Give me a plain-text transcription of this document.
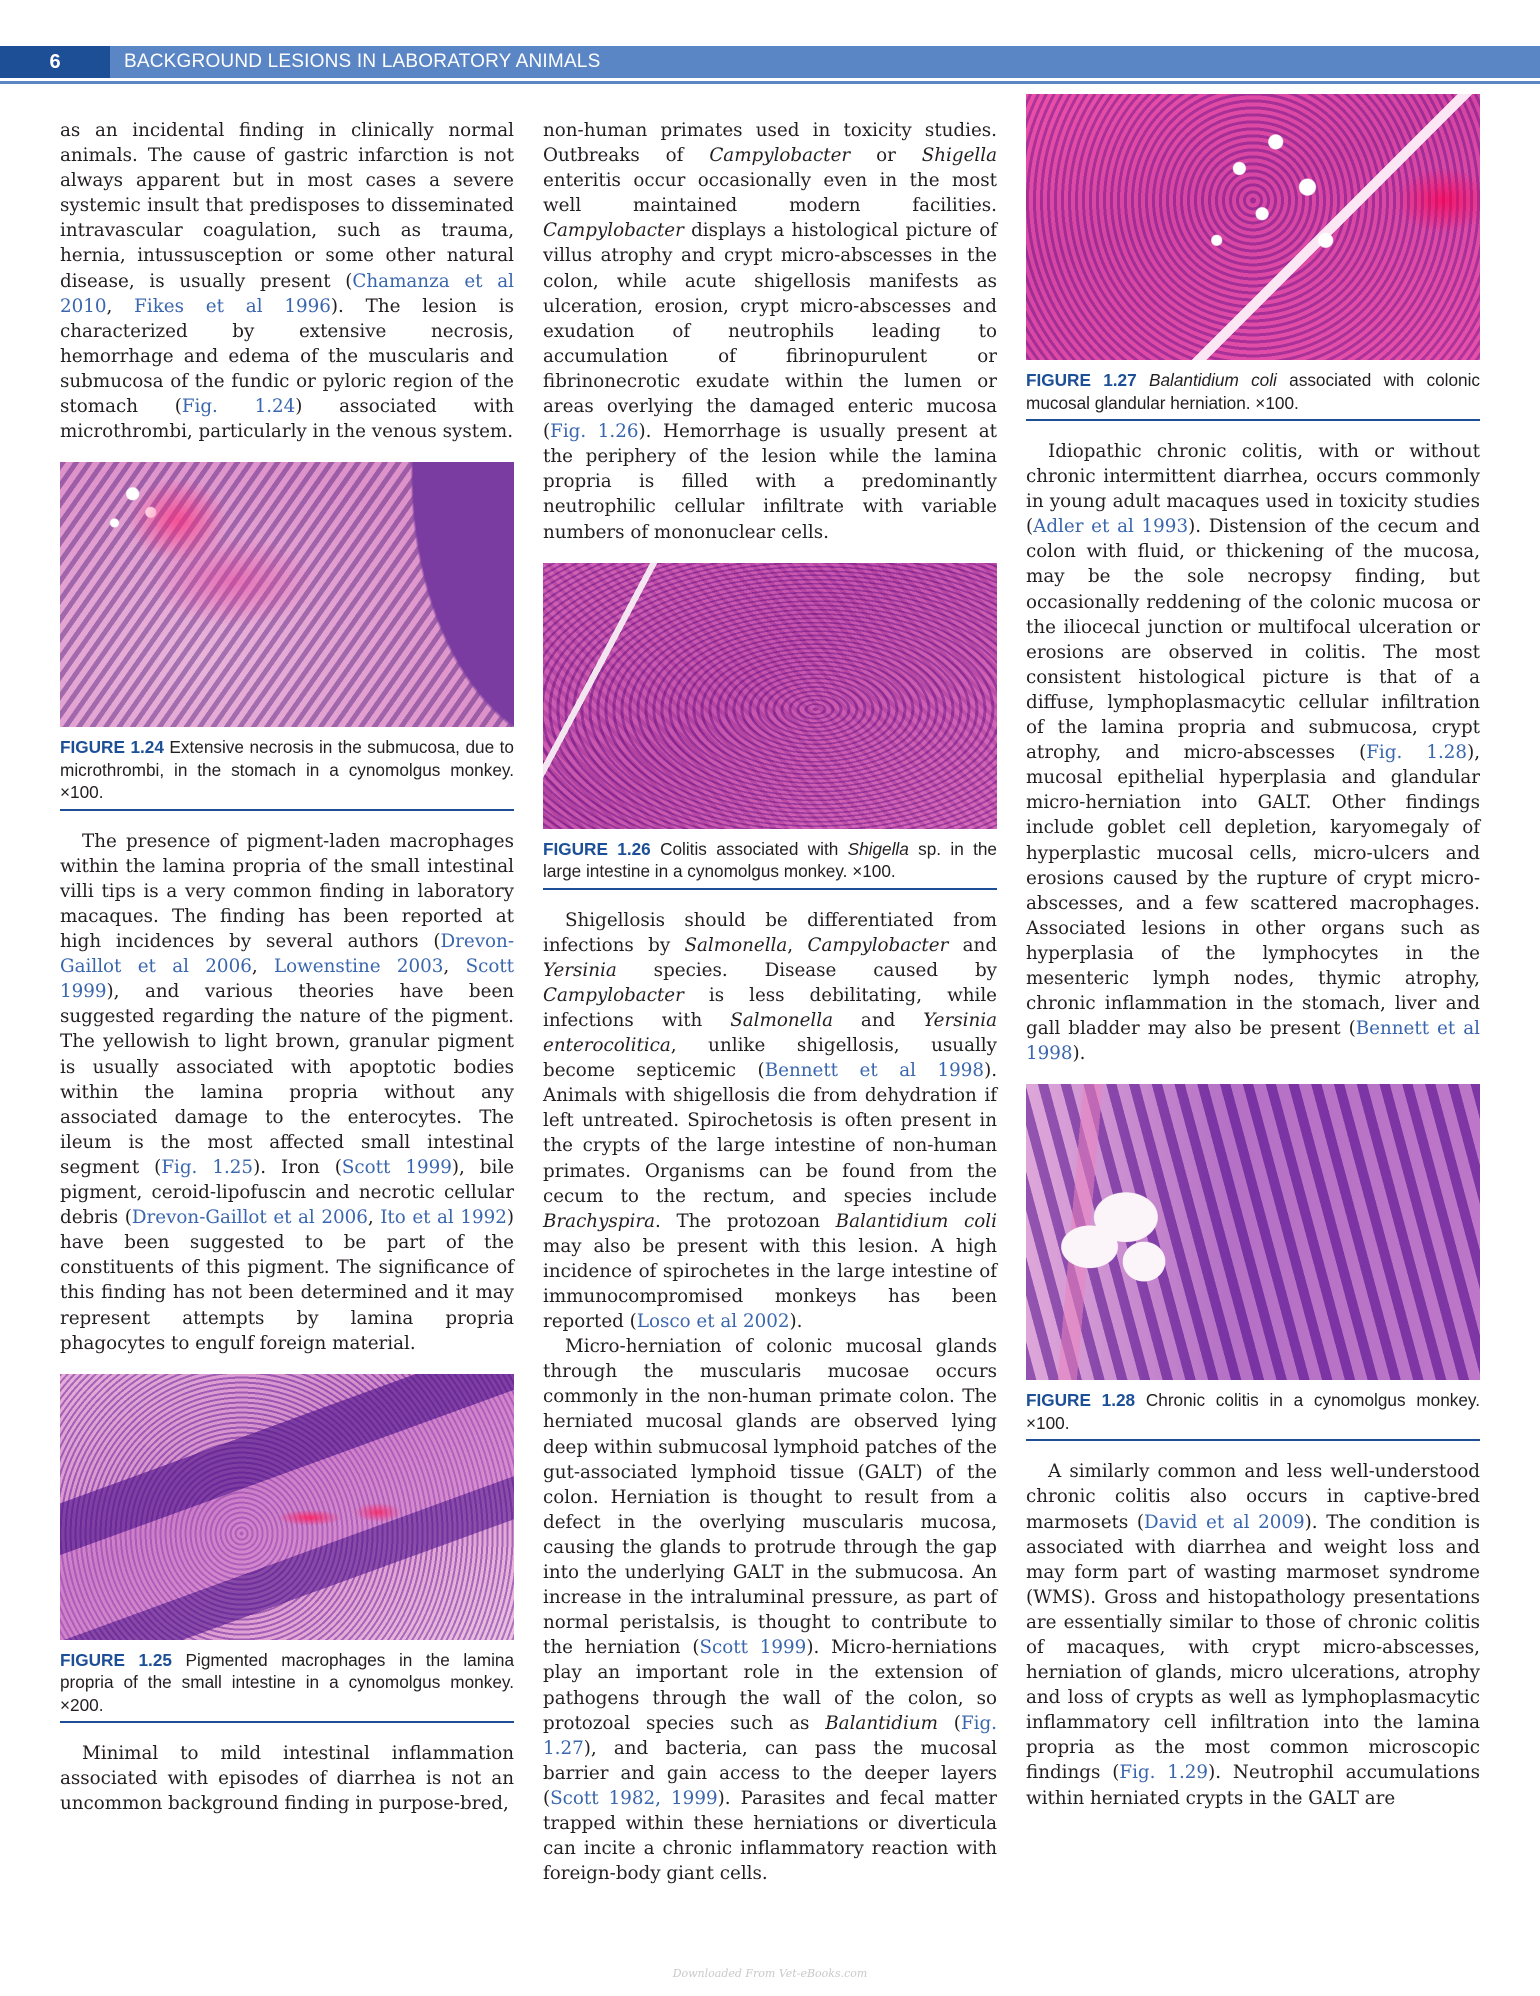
6	BACKGROUND LESIONS IN LABORATORY ANIMALS

as an incidental finding in clinically normal animals. The cause of gastric infarction is not always apparent but in most cases a severe systemic insult that predisposes to disseminated intravascular coagulation, such as trauma, hernia, intussusception or some other natural disease, is usually present (Chamanza et al 2010, Fikes et al 1996). The lesion is characterized by extensive necrosis, hemorrhage and edema of the muscularis and submucosa of the fundic or pyloric region of the stomach (Fig. 1.24) associated with microthrombi, particularly in the venous system.

FIGURE 1.24 Extensive necrosis in the submucosa, due to microthrombi, in the stomach in a cynomolgus monkey. ×100.

The presence of pigment-laden macrophages within the lamina propria of the small intestinal villi tips is a very common finding in laboratory macaques. The finding has been reported at high incidences by several authors (Drevon-Gaillot et al 2006, Lowenstine 2003, Scott 1999), and various theories have been suggested regarding the nature of the pigment. The yellowish to light brown, granular pigment is usually associated with apoptotic bodies within the lamina propria without any associated damage to the enterocytes. The ileum is the most affected small intestinal segment (Fig. 1.25). Iron (Scott 1999), bile pigment, ceroid-lipofuscin and necrotic cellular debris (Drevon-Gaillot et al 2006, Ito et al 1992) have been suggested to be part of the constituents of this pigment. The significance of this finding has not been determined and it may represent attempts by lamina propria phagocytes to engulf foreign material.

FIGURE 1.25 Pigmented macrophages in the lamina propria of the small intestine in a cynomolgus monkey. ×200.

Minimal to mild intestinal inflammation associated with episodes of diarrhea is not an uncommon background finding in purpose-bred,

non-human primates used in toxicity studies. Outbreaks of Campylobacter or Shigella enteritis occur occasionally even in the most well maintained modern facilities. Campylobacter displays a histological picture of villus atrophy and crypt micro-abscesses in the colon, while acute shigellosis manifests as ulceration, erosion, crypt micro-abscesses and exudation of neutrophils leading to accumulation of fibrinopurulent or fibrinonecrotic exudate within the lumen or areas overlying the damaged enteric mucosa (Fig. 1.26). Hemorrhage is usually present at the periphery of the lesion while the lamina propria is filled with a predominantly neutrophilic cellular infiltrate with variable numbers of mononuclear cells.

FIGURE 1.26 Colitis associated with Shigella sp. in the large intestine in a cynomolgus monkey. ×100.

Shigellosis should be differentiated from infections by Salmonella, Campylobacter and Yersinia species. Disease caused by Campylobacter is less debilitating, while infections with Salmonella and Yersinia enterocolitica, unlike shigellosis, usually become septicemic (Bennett et al 1998). Animals with shigellosis die from dehydration if left untreated. Spirochetosis is often present in the crypts of the large intestine of non-human primates. Organisms can be found from the cecum to the rectum, and species include Brachyspira. The protozoan Balantidium coli may also be present with this lesion. A high incidence of spirochetes in the large intestine of immunocompromised monkeys has been reported (Losco et al 2002).

Micro-herniation of colonic mucosal glands through the muscularis mucosae occurs commonly in the non-human primate colon. The herniated mucosal glands are observed lying deep within submucosal lymphoid patches of the gut-associated lymphoid tissue (GALT) of the colon. Herniation is thought to result from a defect in the overlying muscularis mucosa, causing the glands to protrude through the gap into the underlying GALT in the submucosa. An increase in the intraluminal pressure, as part of normal peristalsis, is thought to contribute to the herniation (Scott 1999). Micro-herniations play an important role in the extension of pathogens through the wall of the colon, so protozoal species such as Balantidium (Fig. 1.27), and bacteria, can pass the mucosal barrier and gain access to the deeper layers (Scott 1982, 1999). Parasites and fecal matter trapped within these herniations or diverticula can incite a chronic inflammatory reaction with foreign-body giant cells.

FIGURE 1.27 Balantidium coli associated with colonic mucosal glandular herniation. ×100.

Idiopathic chronic colitis, with or without chronic intermittent diarrhea, occurs commonly in young adult macaques used in toxicity studies (Adler et al 1993). Distension of the cecum and colon with fluid, or thickening of the mucosa, may be the sole necropsy finding, but occasionally reddening of the colonic mucosa or the iliocecal junction or multifocal ulceration or erosions are observed in colitis. The most consistent histological picture is that of a diffuse, lymphoplasmacytic cellular infiltration of the lamina propria and submucosa, crypt atrophy, and micro-abscesses (Fig. 1.28), mucosal epithelial hyperplasia and glandular micro-herniation into GALT. Other findings include goblet cell depletion, karyomegaly of hyperplastic mucosal cells, micro-ulcers and erosions caused by the rupture of crypt micro-abscesses, and a few scattered macrophages. Associated lesions in other organs such as hyperplasia of the lymphocytes in the mesenteric lymph nodes, thymic atrophy, chronic inflammation in the stomach, liver and gall bladder may also be present (Bennett et al 1998).

FIGURE 1.28 Chronic colitis in a cynomolgus monkey. ×100.

A similarly common and less well-understood chronic colitis also occurs in captive-bred marmosets (David et al 2009). The condition is associated with diarrhea and weight loss and may form part of wasting marmoset syndrome (WMS). Gross and histopathology presentations are essentially similar to those of chronic colitis of macaques, with crypt micro-abscesses, herniation of glands, micro ulcerations, atrophy and loss of crypts as well as lymphoplasmacytic inflammatory cell infiltration into the lamina propria as the most common microscopic findings (Fig. 1.29). Neutrophil accumulations within herniated crypts in the GALT are

Downloaded From Vet-eBooks.com
